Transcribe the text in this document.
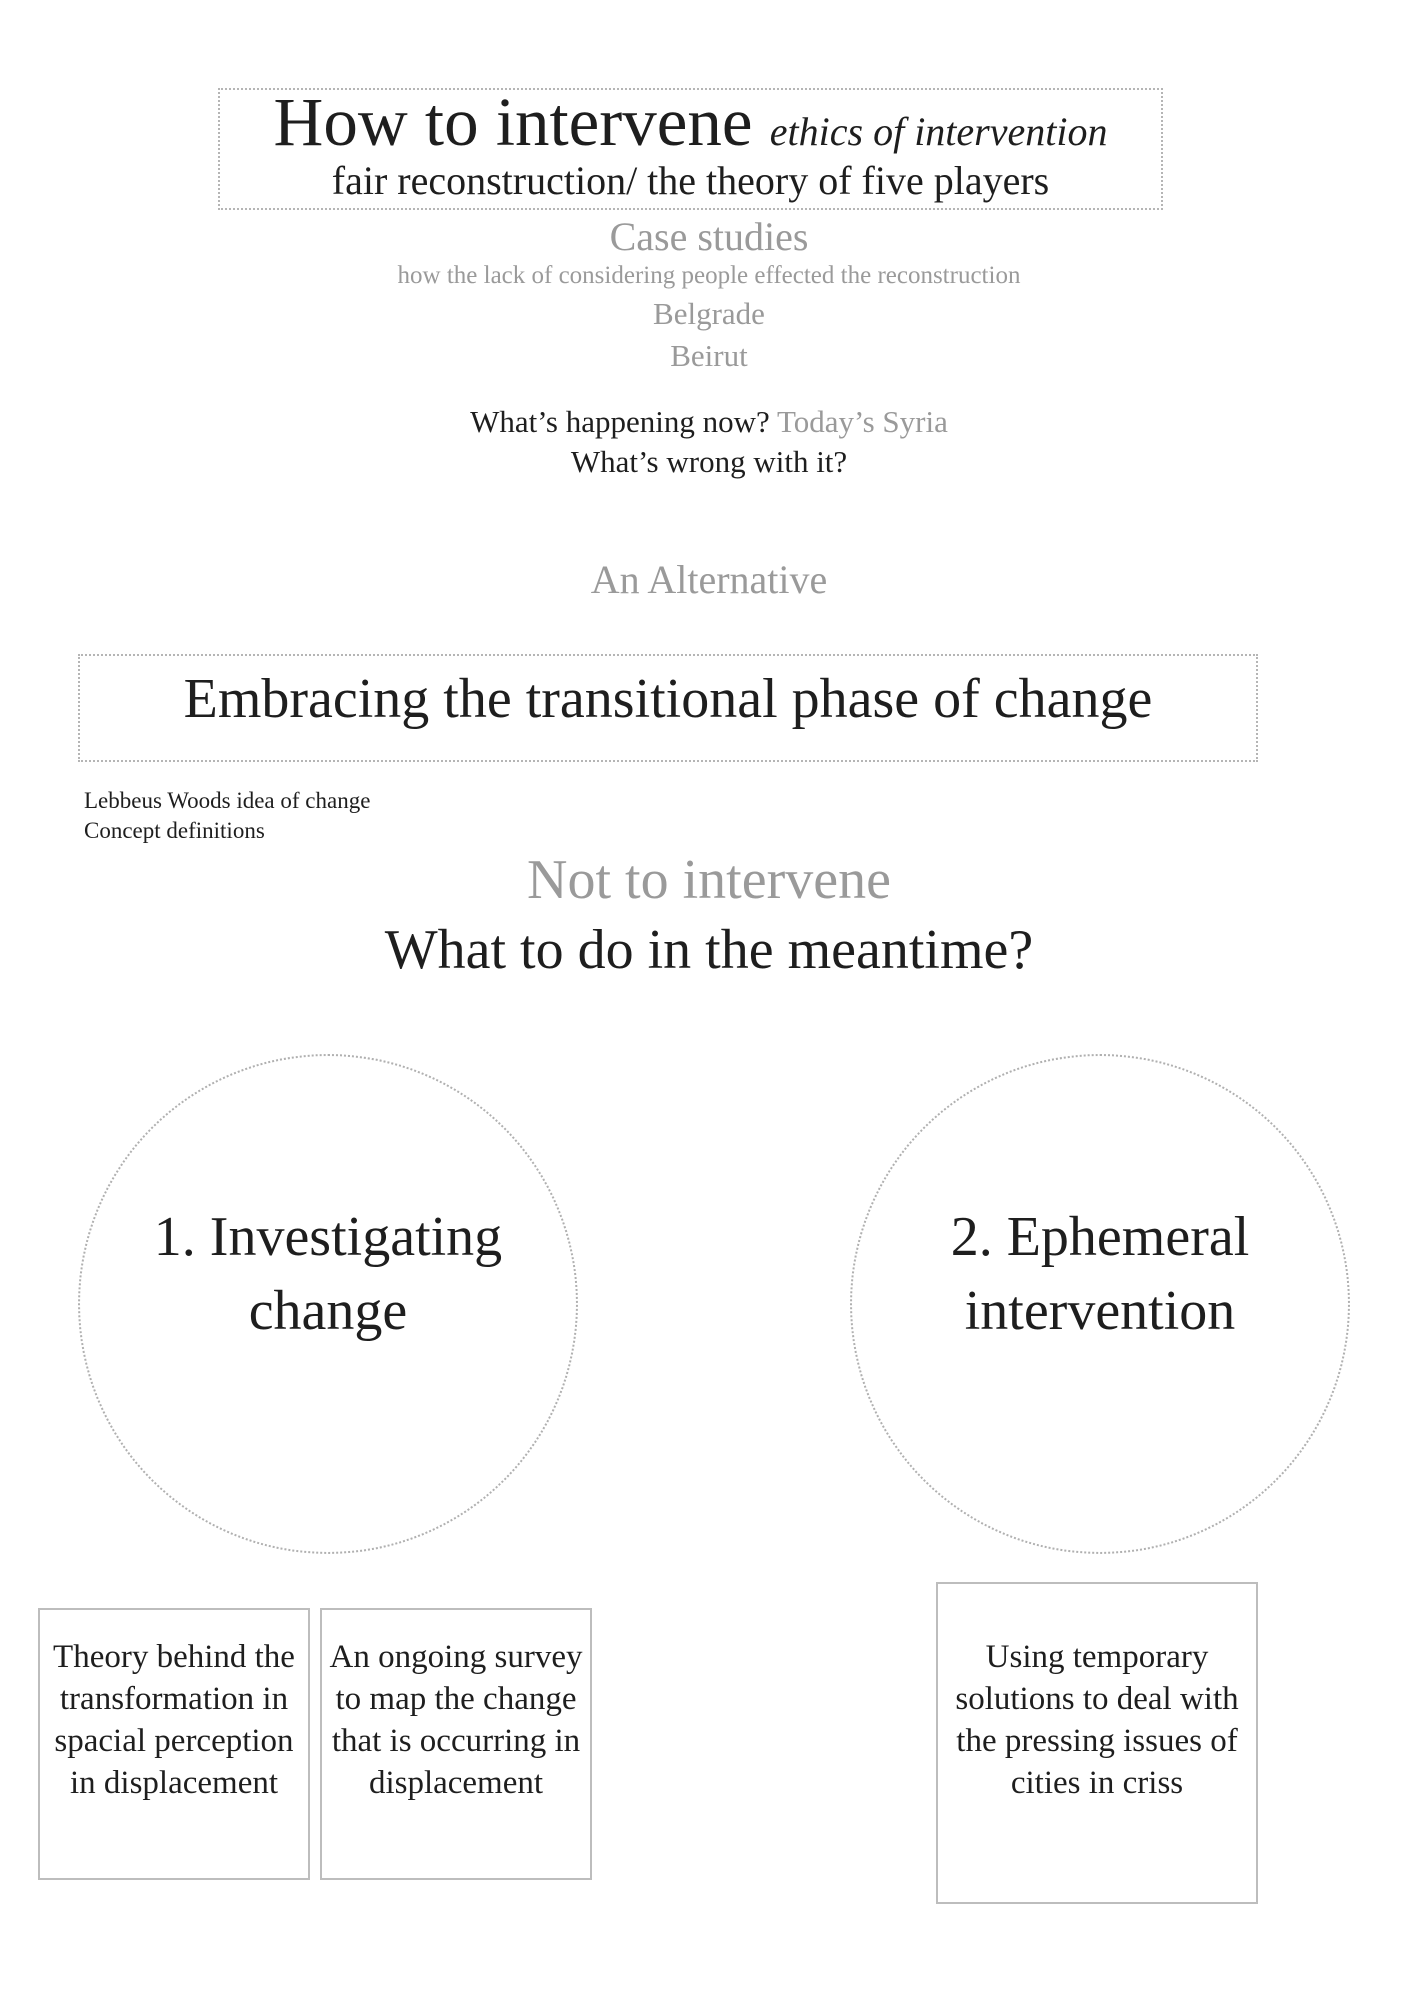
How to intervene ethics of intervention
fair reconstruction/ the theory of five players
Case studies
how the lack of considering people effected the reconstruction
Belgrade
Beirut
What’s happening now? Today’s Syria
What’s wrong with it?
An Alternative
Embracing the transitional phase of change
Lebbeus Woods idea of change
Concept definitions
Not to intervene
What to do in the meantime?
1. Investigating
change
2. Ephemeral
intervention
Theory behind the
transformation in
spacial perception
in displacement
An ongoing survey
to map the change
that is occurring in
displacement
Using temporary
solutions to deal with
the pressing issues of
cities in criss
